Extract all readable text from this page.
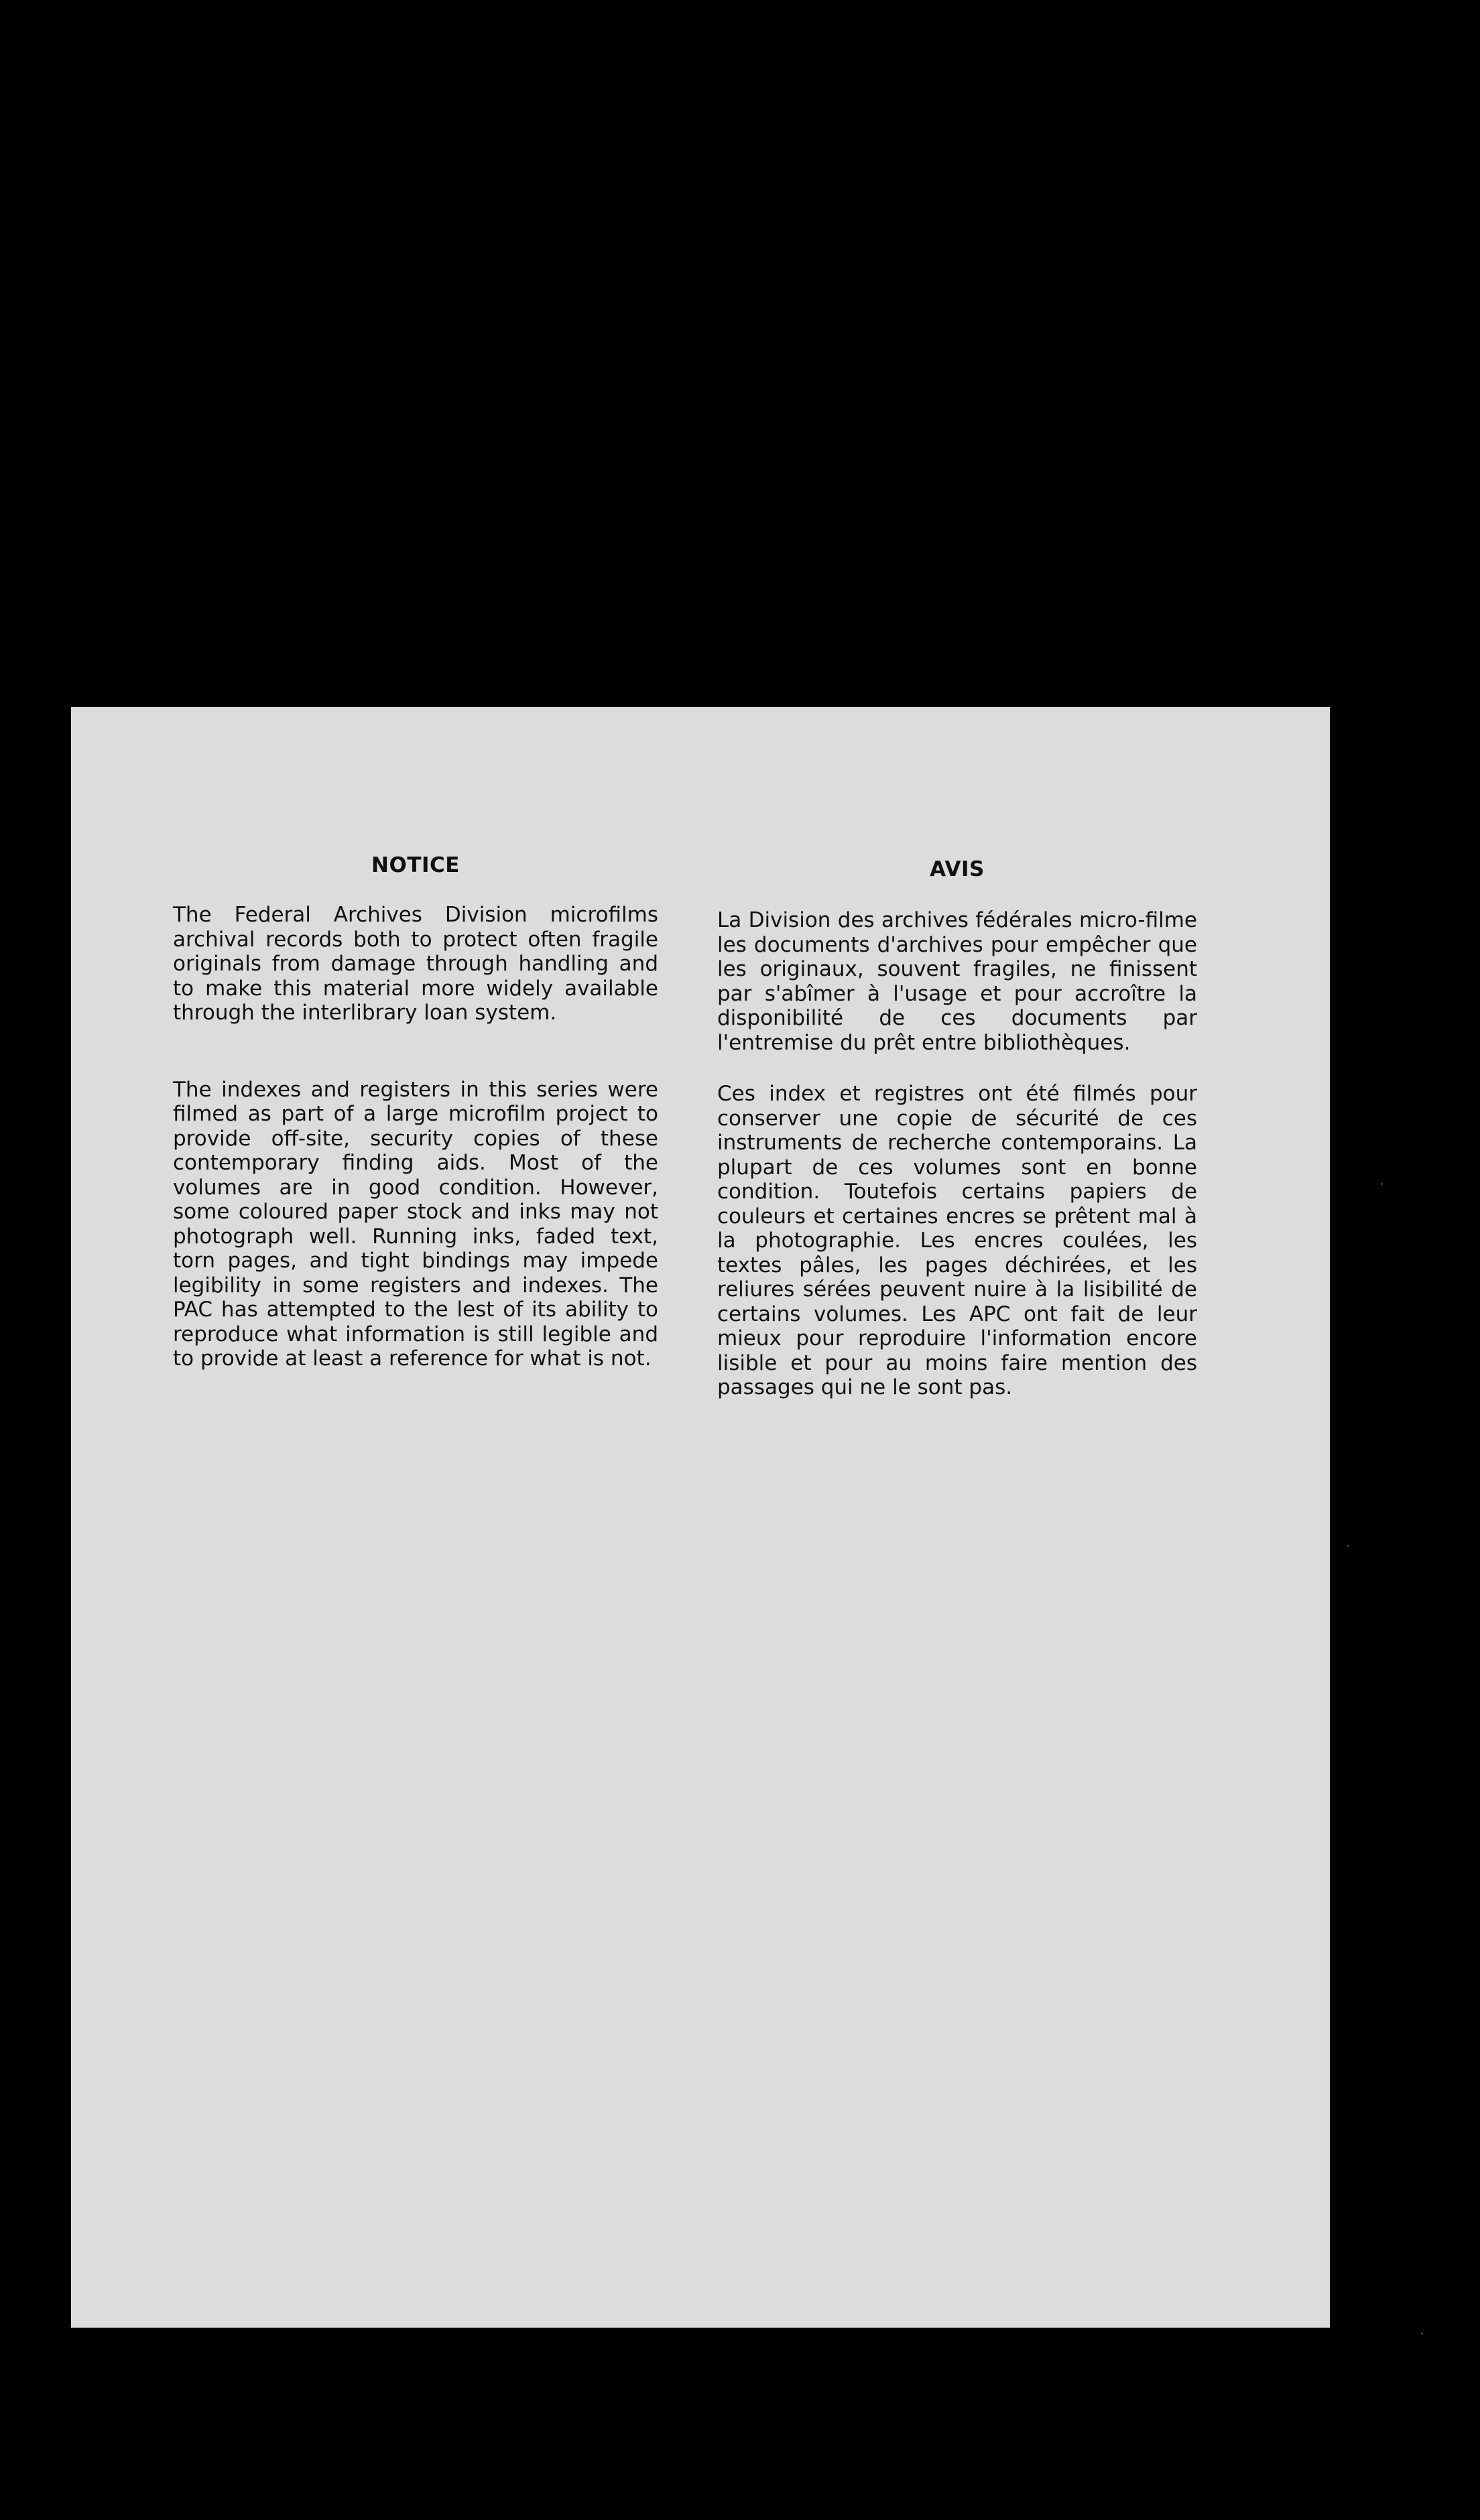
NOTICE

The Federal Archives Division microfilms archival records both to protect often fragile originals from damage through handling and to make this material more widely available through the interlibrary loan system.

The indexes and registers in this series were filmed as part of a large microfilm project to provide off-site, security copies of these contemporary finding aids. Most of the volumes are in good condition. However, some coloured paper stock and inks may not photograph well. Running inks, faded text, torn pages, and tight bindings may impede legibility in some registers and indexes. The PAC has attempted to the lest of its ability to reproduce what information is still legible and to provide at least a reference for what is not.

AVIS

La Division des archives fédérales micro-filme les documents d'archives pour empêcher que les originaux, souvent fragiles, ne finissent par s'abîmer à l'usage et pour accroître la disponibilité de ces documents par l'entremise du prêt entre bibliothèques.

Ces index et registres ont été filmés pour conserver une copie de sécurité de ces instruments de recherche contemporains. La plupart de ces volumes sont en bonne condition. Toutefois certains papiers de couleurs et certaines encres se prêtent mal à la photographie. Les encres coulées, les textes pâles, les pages déchirées, et les reliures sérées peuvent nuire à la lisibilité de certains volumes. Les APC ont fait de leur mieux pour reproduire l'information encore lisible et pour au moins faire mention des passages qui ne le sont pas.
